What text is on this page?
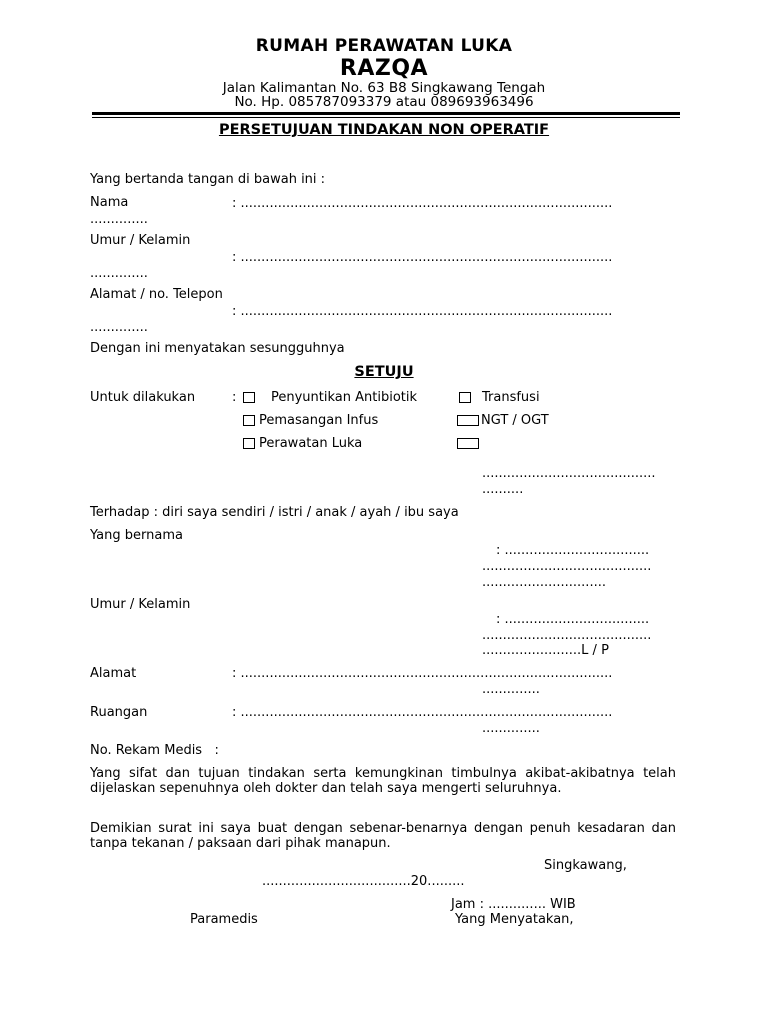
RUMAH PERAWATAN LUKA
RAZQA
Jalan Kalimantan No. 63 B8 Singkawang Tengah
No. Hp. 085787093379 atau 089693963496
PERSETUJUAN TINDAKAN NON OPERATIF
Yang bertanda tangan di bawah ini :
Nama	: ..........................................................................................
..............
Umur / Kelamin
: ..........................................................................................
..............
Alamat / no. Telepon
: ..........................................................................................
..............
Dengan ini menyatakan sesungguhnya
SETUJU
Untuk dilakukan	:	Penyuntikan Antibiotik	Transfusi
Pemasangan Infus	NGT / OGT
Perawatan Luka
..........................................
..........
Terhadap : diri saya sendiri / istri / anak / ayah / ibu saya
Yang bernama
: ...................................
.........................................
..............................
Umur / Kelamin
: ...................................
.........................................
........................L / P
Alamat	: ..........................................................................................
..............
Ruangan	: ..........................................................................................
..............
No. Rekam Medis   :
Yang sifat dan tujuan tindakan serta kemungkinan timbulnya akibat-akibatnya telah dijelaskan sepenuhnya oleh dokter dan telah saya mengerti seluruhnya.
Demikian surat ini saya buat dengan sebenar-benarnya dengan penuh kesadaran dan tanpa tekanan / paksaan dari pihak manapun.
Singkawang,
....................................20.........
Jam : .............. WIB
Paramedis	Yang Menyatakan,
